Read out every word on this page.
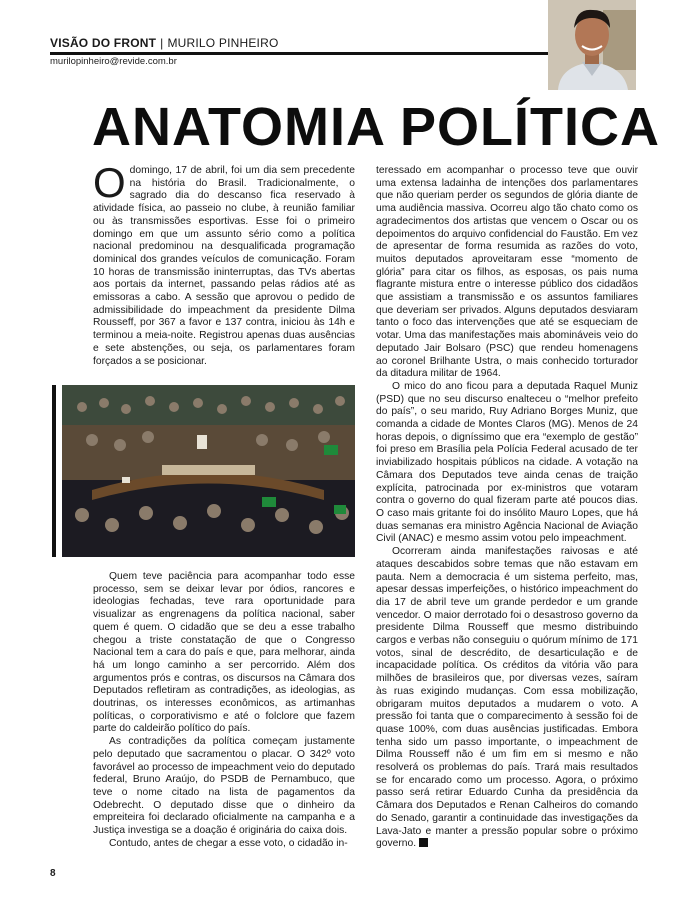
VISÃO DO FRONT | MURILO PINHEIRO
murilopinheiro@revide.com.br
ANATOMIA POLÍTICA

Odomingo, 17 de abril, foi um dia sem precedente na história do Brasil. Tradicionalmente, o sagrado dia do descanso fica reservado à atividade física, ao passeio no clube, à reunião familiar ou às transmissões esportivas. Esse foi o primeiro domingo em que um assunto sério como a política nacional predominou na desqualificada programação dominical dos grandes veículos de comunicação. Foram 10 horas de transmissão ininterruptas, das TVs abertas aos portais da internet, passando pelas rádios até as emissoras a cabo. A sessão que aprovou o pedido de admissibilidade do impeachment da presidente Dilma Rousseff, por 367 a favor e 137 contra, iniciou às 14h e terminou a meia-noite. Registrou apenas duas ausências e sete abstenções, ou seja, os parlamentares foram forçados a se posicionar.

Quem teve paciência para acompanhar todo esse processo, sem se deixar levar por ódios, rancores e ideologias fechadas, teve rara oportunidade para visualizar as engrenagens da política nacional, saber quem é quem. O cidadão que se deu a esse trabalho chegou a triste constatação de que o Congresso Nacional tem a cara do país e que, para melhorar, ainda há um longo caminho a ser percorrido. Além dos argumentos prós e contras, os discursos na Câmara dos Deputados refletiram as contradições, as ideologias, as doutrinas, os interesses econômicos, as artimanhas políticas, o corporativismo e até o folclore que fazem parte do caldeirão político do país.

As contradições da política começam justamente pelo deputado que sacramentou o placar. O 342º voto favorável ao processo de impeachment veio do deputado federal, Bruno Araújo, do PSDB de Pernambuco, que teve o nome citado na lista de pagamentos da Odebrecht. O deputado disse que o dinheiro da empreiteira foi declarado oficialmente na campanha e a Justiça investiga se a doação é originária do caixa dois.

Contudo, antes de chegar a esse voto, o cidadão in-

teressado em acompanhar o processo teve que ouvir uma extensa ladainha de intenções dos parlamentares que não queriam perder os segundos de glória diante de uma audiência massiva. Ocorreu algo tão chato como os agradecimentos dos artistas que vencem o Oscar ou os depoimentos do arquivo confidencial do Faustão. Em vez de apresentar de forma resumida as razões do voto, muitos deputados aproveitaram esse “momento de glória” para citar os filhos, as esposas, os pais numa flagrante mistura entre o interesse público dos cidadãos que assistiam a transmissão e os assuntos familiares que deveriam ser privados. Alguns deputados desviaram tanto o foco das intervenções que até se esqueciam de votar. Uma das manifestações mais abomináveis veio do deputado Jair Bolsaro (PSC) que rendeu homenagens ao coronel Brilhante Ustra, o mais conhecido torturador da ditadura militar de 1964.

O mico do ano ficou para a deputada Raquel Muniz (PSD) que no seu discurso enalteceu o “melhor prefeito do país”, o seu marido, Ruy Adriano Borges Muniz, que comanda a cidade de Montes Claros (MG). Menos de 24 horas depois, o digníssimo que era “exemplo de gestão” foi preso em Brasília pela Polícia Federal acusado de ter inviabilizado hospitais públicos na cidade. A votação na Câmara dos Deputados teve ainda cenas de traição explícita, patrocinada por ex-ministros que votaram contra o governo do qual fizeram parte até poucos dias. O caso mais gritante foi do insólito Mauro Lopes, que há duas semanas era ministro Agência Nacional de Aviação Civil (ANAC) e mesmo assim votou pelo impeachment.

Ocorreram ainda manifestações raivosas e até ataques descabidos sobre temas que não estavam em pauta. Nem a democracia é um sistema perfeito, mas, apesar dessas imperfeições, o histórico impeachment do dia 17 de abril teve um grande perdedor e um grande vencedor. O maior derrotado foi o desastroso governo da presidente Dilma Rousseff que mesmo distribuindo cargos e verbas não conseguiu o quórum mínimo de 171 votos, sinal de descrédito, de desarticulação e de incapacidade política. Os créditos da vitória vão para milhões de brasileiros que, por diversas vezes, saíram às ruas exigindo mudanças. Com essa mobilização, obrigaram muitos deputados a mudarem o voto. A pressão foi tanta que o comparecimento à sessão foi de quase 100%, com duas ausências justificadas. Embora tenha sido um passo importante, o impeachment de Dilma Rousseff não é um fim em si mesmo e não resolverá os problemas do país. Trará mais resultados se for encarado como um processo. Agora, o próximo passo será retirar Eduardo Cunha da presidência da Câmara dos Deputados e Renan Calheiros do comando do Senado, garantir a continuidade das investigações da Lava-Jato e manter a pressão popular sobre o próximo governo.

8
